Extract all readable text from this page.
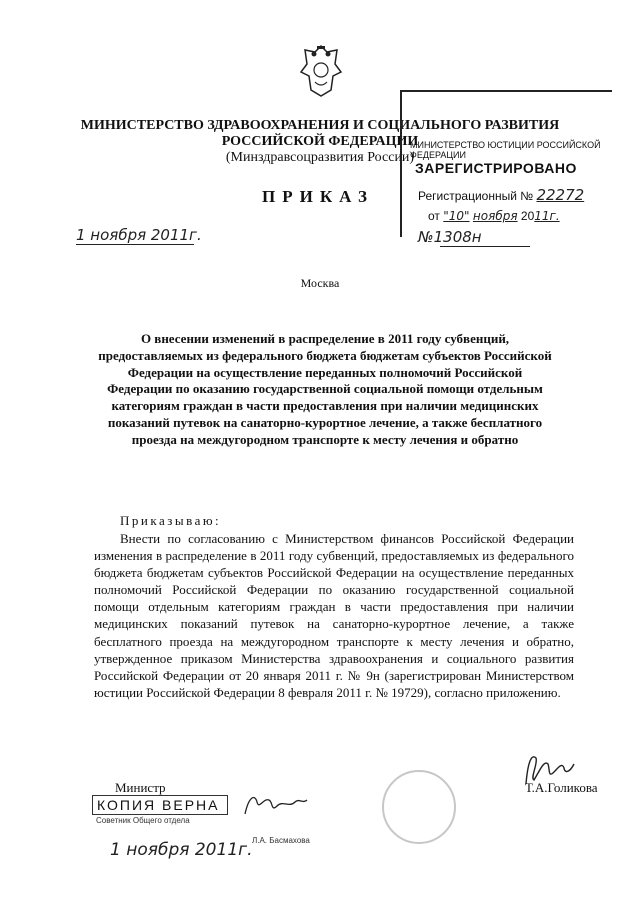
МИНИСТЕРСТВО ЗДРАВООХРАНЕНИЯ И СОЦИАЛЬНОГО РАЗВИТИЯ
РОССИЙСКОЙ ФЕДЕРАЦИИ
(Минздравсоцразвития России)
МИНИСТЕРСТВО ЮСТИЦИИ РОССИЙСКОЙ ФЕДЕРАЦИИ
ЗАРЕГИСТРИРОВАНО
Регистрационный № 22272
от "10" ноября 2011г.
ПРИКАЗ
1 ноября 2011г.	№1308н
Москва
О внесении изменений в распределение в 2011 году субвенций, предоставляемых из федерального бюджета бюджетам субъектов Российской Федерации на осуществление переданных полномочий Российской Федерации по оказанию государственной социальной помощи отдельным категориям граждан в части предоставления при наличии медицинских показаний путевок на санаторно-курортное лечение, а также бесплатного проезда на междугородном транспорте к месту лечения и обратно
Приказываю:
Внести по согласованию с Министерством финансов Российской Федерации изменения в распределение в 2011 году субвенций, предоставляемых из федерального бюджета бюджетам субъектов Российской Федерации на осуществление переданных полномочий Российской Федерации по оказанию государственной социальной помощи отдельным категориям граждан в части предоставления при наличии медицинских показаний путевок на санаторно-курортное лечение, а также бесплатного проезда на междугородном транспорте к месту лечения и обратно, утвержденное приказом Министерства здравоохранения и социального развития Российской Федерации от 20 января 2011 г. № 9н (зарегистрирован Министерством юстиции Российской Федерации 8 февраля 2011 г. № 19729), согласно приложению.
Министр	Т.А.Голикова
КОПИЯ ВЕРНА
Советник Общего отдела
Л.А. Басмахова
1 ноября 2011г.
